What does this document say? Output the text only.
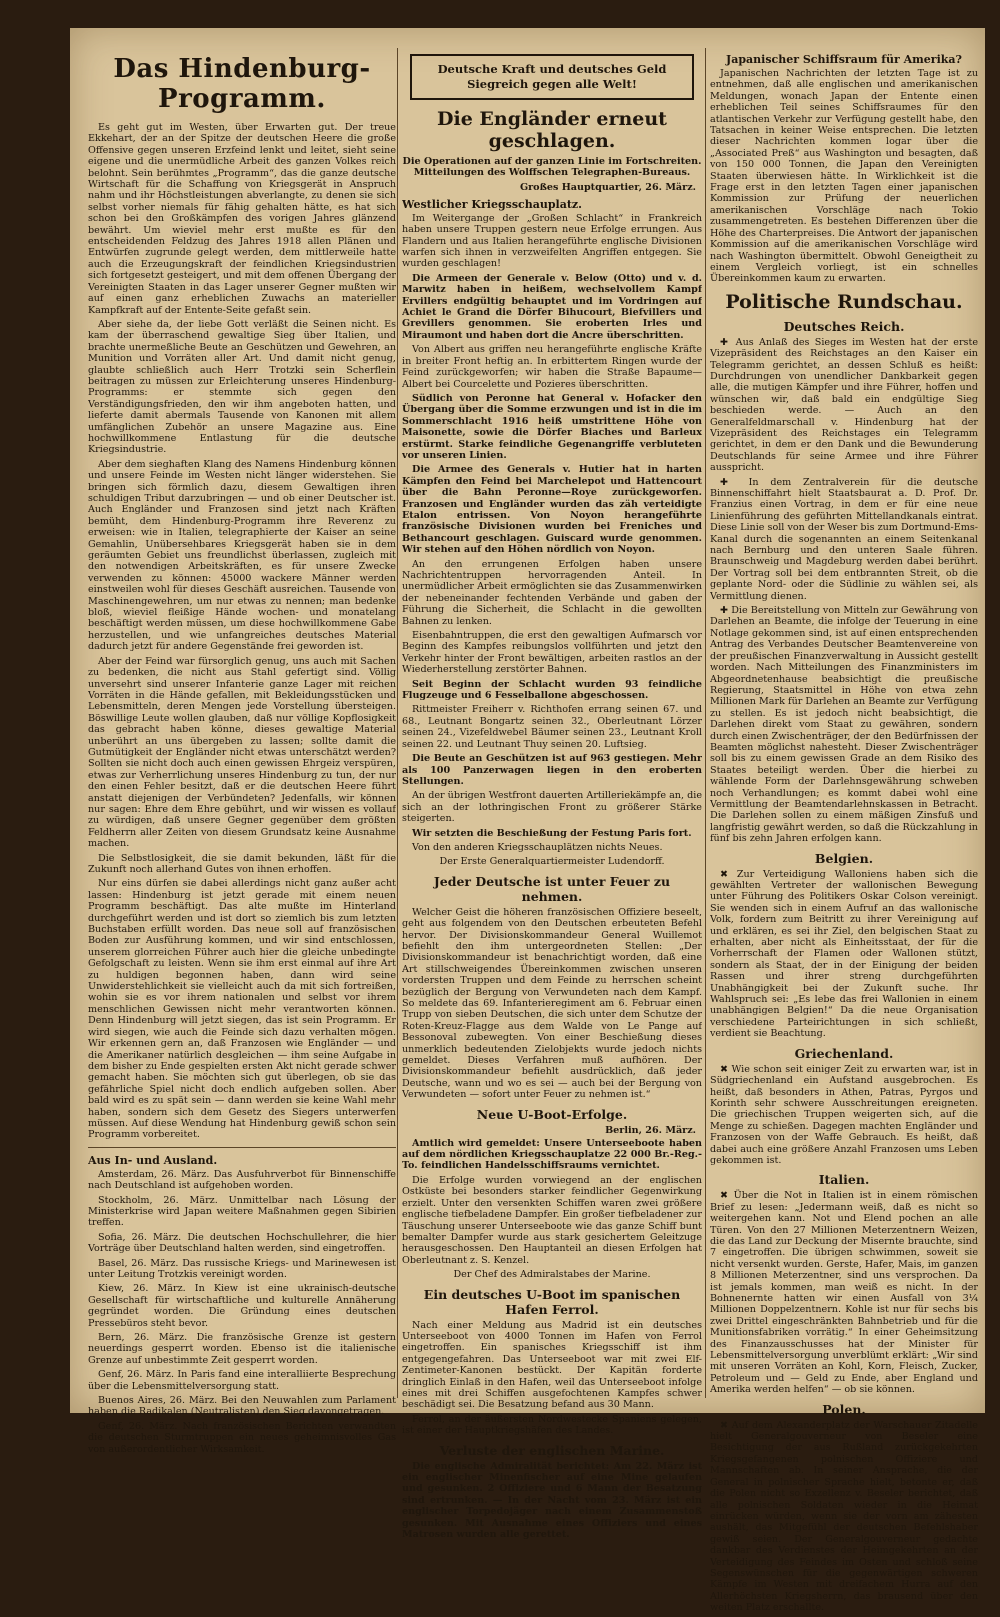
Das Hindenburg-Programm.

Es geht gut im Westen, über Erwarten gut. Der treue Ekkehart, der an der Spitze der deutschen Heere die große Offensive gegen unseren Erzfeind lenkt und leitet, sieht seine eigene und die unermüdliche Arbeit des ganzen Volkes reich belohnt. Sein berühmtes „Programm“, das die ganze deutsche Wirtschaft für die Schaffung von Kriegsgerät in Anspruch nahm und ihr Höchstleistungen abverlangte, zu denen sie sich selbst vorher niemals für fähig gehalten hätte, es hat sich schon bei den Großkämpfen des vorigen Jahres glänzend bewährt. Um wieviel mehr erst mußte es für den entscheidenden Feldzug des Jahres 1918 allen Plänen und Entwürfen zugrunde gelegt werden, dem mittlerweile hatte auch die Erzeugungskraft der feindlichen Kriegsindustrien sich fortgesetzt gesteigert, und mit dem offenen Übergang der Vereinigten Staaten in das Lager unserer Gegner mußten wir auf einen ganz erheblichen Zuwachs an materieller Kampfkraft auf der Entente-Seite gefaßt sein.

Aber siehe da, der liebe Gott verläßt die Seinen nicht. Es kam der überraschend gewaltige Sieg über Italien, und brachte unermeßliche Beute an Geschützen und Gewehren, an Munition und Vorräten aller Art. Und damit nicht genug, glaubte schließlich auch Herr Trotzki sein Scherflein beitragen zu müssen zur Erleichterung unseres Hindenburg-Programms: er stemmte sich gegen den Verständigungsfrieden, den wir ihm angeboten hatten, und lieferte damit abermals Tausende von Kanonen mit allem umfänglichen Zubehör an unsere Magazine aus. Eine hochwillkommene Entlastung für die deutsche Kriegsindustrie.

Aber dem sieghaften Klang des Namens Hindenburg können und unsere Feinde im Westen nicht länger widerstehen. Sie bringen sich förmlich dazu, diesem Gewaltigen ihren schuldigen Tribut darzubringen — und ob einer Deutscher ist. Auch Engländer und Franzosen sind jetzt nach Kräften bemüht, dem Hindenburg-Programm ihre Reverenz zu erweisen: wie in Italien, telegraphierte der Kaiser an seine Gemahlin, Unübersehbares Kriegsgerät haben sie in dem geräumten Gebiet uns freundlichst überlassen, zugleich mit den notwendigen Arbeitskräften, es für unsere Zwecke verwenden zu können: 45000 wackere Männer werden einstweilen wohl für dieses Geschäft ausreichen. Tausende von Maschinengewehren, um nur etwas zu nennen; man bedenke bloß, wieviel fleißige Hände wochen- und monatelang beschäftigt werden müssen, um diese hochwillkommene Gabe herzustellen, und wie unfangreiches deutsches Material dadurch jetzt für andere Gegenstände frei geworden ist.

Aber der Feind war fürsorglich genug, uns auch mit Sachen zu bedenken, die nicht aus Stahl gefertigt sind. Völlig unversehrt sind unserer Infanterie ganze Lager mit reichen Vorräten in die Hände gefallen, mit Bekleidungsstücken und Lebensmitteln, deren Mengen jede Vorstellung übersteigen. Böswillige Leute wollen glauben, daß nur völlige Kopflosigkeit das gebracht haben könne, dieses gewaltige Material unberührt an uns übergeben zu lassen; sollte damit die Gutmütigkeit der Engländer nicht etwas unterschätzt werden? Sollten sie nicht doch auch einen gewissen Ehrgeiz verspüren, etwas zur Verherrlichung unseres Hindenburg zu tun, der nur den einen Fehler besitzt, daß er die deutschen Heere führt anstatt diejenigen der Verbündeten? Jedenfalls, wir können nur sagen: Ehre dem Ehre gebührt, und wir wissen es vollauf zu würdigen, daß unsere Gegner gegenüber dem größten Feldherrn aller Zeiten von diesem Grundsatz keine Ausnahme machen.

Die Selbstlosigkeit, die sie damit bekunden, läßt für die Zukunft noch allerhand Gutes von ihnen erhoffen.

Nur eins dürfen sie dabei allerdings nicht ganz außer acht lassen: Hindenburg ist jetzt gerade mit einem neuen Programm beschäftigt. Das alte mußte im Hinterland durchgeführt werden und ist dort so ziemlich bis zum letzten Buchstaben erfüllt worden. Das neue soll auf französischen Boden zur Ausführung kommen, und wir sind entschlossen, unserem glorreichen Führer auch hier die gleiche unbedingte Gefolgschaft zu leisten. Wenn sie ihm erst einmal auf ihre Art zu huldigen begonnen haben, dann wird seine Unwiderstehlichkeit sie vielleicht auch da mit sich fortreißen, wohin sie es vor ihrem nationalen und selbst vor ihrem menschlichen Gewissen nicht mehr verantworten können. Denn Hindenburg will jetzt siegen, das ist sein Programm. Er wird siegen, wie auch die Feinde sich dazu verhalten mögen. Wir erkennen gern an, daß Franzosen wie Engländer — und die Amerikaner natürlich desgleichen — ihm seine Aufgabe in dem bisher zu Ende gespielten ersten Akt nicht gerade schwer gemacht haben. Sie möchten sich gut überlegen, ob sie das gefährliche Spiel nicht doch endlich aufgeben sollen. Aber bald wird es zu spät sein — dann werden sie keine Wahl mehr haben, sondern sich dem Gesetz des Siegers unterwerfen müssen. Auf diese Wendung hat Hindenburg gewiß schon sein Programm vorbereitet.

Aus In- und Ausland.

Amsterdam, 26. März. Das Ausfuhrverbot für Binnenschiffe nach Deutschland ist aufgehoben worden.

Stockholm, 26. März. Unmittelbar nach Lösung der Ministerkrise wird Japan weitere Maßnahmen gegen Sibirien treffen.

Sofia, 26. März. Die deutschen Hochschullehrer, die hier Vorträge über Deutschland halten werden, sind eingetroffen.

Basel, 26. März. Das russische Kriegs- und Marinewesen ist unter Leitung Trotzkis vereinigt worden.

Kiew, 26. März. In Kiew ist eine ukrainisch-deutsche Gesellschaft für wirtschaftliche und kulturelle Annäherung gegründet worden. Die Gründung eines deutschen Pressebüros steht bevor.

Bern, 26. März. Die französische Grenze ist gestern neuerdings gesperrt worden. Ebenso ist die italienische Grenze auf unbestimmte Zeit gesperrt worden.

Genf, 26. März. In Paris fand eine interalliierte Besprechung über die Lebensmittelversorgung statt.

Buenos Aires, 26. März. Bei den Neuwahlen zum Parlament haben die Radikalen (Neutralisten) den Sieg davongetragen.

Genf, 26. März. Nach französischen Berichten verwandten die deutschen Sturmtruppen ein neues geheimnisvolles Gas von außerordentlicher Wirksamkeit.

Deutsche Kraft und deutsches Geld
Siegreich gegen alle Welt!
Die Engländer erneut geschlagen.

Die Operationen auf der ganzen Linie im Fortschreiten. Mitteilungen des Wolffschen Telegraphen-Bureaus.

Großes Hauptquartier, 26. März.
Westlicher Kriegsschauplatz.

Im Weitergange der „Großen Schlacht“ in Frankreich haben unsere Truppen gestern neue Erfolge errungen. Aus Flandern und aus Italien herangeführte englische Divisionen warfen sich ihnen in verzweifelten Angriffen entgegen. Sie wurden geschlagen!

Die Armeen der Generale v. Below (Otto) und v. d. Marwitz haben in heißem, wechselvollem Kampf Ervillers endgültig behauptet und im Vordringen auf Achiet le Grand die Dörfer Bihucourt, Biefvillers und Grevillers genommen. Sie eroberten Irles und Miraumont und haben dort die Ancre überschritten.

Von Albert aus griffen neu herangeführte englische Kräfte in breiter Front heftig an. In erbittertem Ringen wurde der Feind zurückgeworfen; wir haben die Straße Bapaume—Albert bei Courcelette und Pozieres überschritten.

Südlich von Peronne hat General v. Hofacker den Übergang über die Somme erzwungen und ist in die im Sommerschlacht 1916 heiß umstrittene Höhe von Maisonette, sowie die Dörfer Biaches und Barleux erstürmt. Starke feindliche Gegenangriffe verbluteten vor unseren Linien.

Die Armee des Generals v. Hutier hat in harten Kämpfen den Feind bei Marchelepot und Hattencourt über die Bahn Peronne—Roye zurückgeworfen. Franzosen und Engländer wurden das zäh verteidigte Etalon entrissen. Von Noyon herangeführte französische Divisionen wurden bei Freniches und Bethancourt geschlagen. Guiscard wurde genommen. Wir stehen auf den Höhen nördlich von Noyon.

An den errungenen Erfolgen haben unsere Nachrichtentruppen hervorragenden Anteil. In unermüdlicher Arbeit ermöglichten sie das Zusammenwirken der nebeneinander fechtenden Verbände und gaben der Führung die Sicherheit, die Schlacht in die gewollten Bahnen zu lenken.

Eisenbahntruppen, die erst den gewaltigen Aufmarsch vor Beginn des Kampfes reibungslos vollführten und jetzt den Verkehr hinter der Front bewältigen, arbeiten rastlos an der Wiederherstellung zerstörter Bahnen.

Seit Beginn der Schlacht wurden 93 feindliche Flugzeuge und 6 Fesselballone abgeschossen.

Rittmeister Freiherr v. Richthofen errang seinen 67. und 68., Leutnant Bongartz seinen 32., Oberleutnant Lörzer seinen 24., Vizefeldwebel Bäumer seinen 23., Leutnant Kroll seinen 22. und Leutnant Thuy seinen 20. Luftsieg.

Die Beute an Geschützen ist auf 963 gestiegen. Mehr als 100 Panzerwagen liegen in den eroberten Stellungen.

An der übrigen Westfront dauerten Artilleriekämpfe an, die sich an der lothringischen Front zu größerer Stärke steigerten.

Wir setzten die Beschießung der Festung Paris fort.

Von den anderen Kriegsschauplätzen nichts Neues.

Der Erste Generalquartiermeister Ludendorff.

Jeder Deutsche ist unter Feuer zu nehmen.

Welcher Geist die höheren französischen Offiziere beseelt, geht aus folgendem von den Deutschen erbeuteten Befehl hervor. Der Divisionskommandeur General Wuillemot befiehlt den ihm untergeordneten Stellen: „Der Divisionskommandeur ist benachrichtigt worden, daß eine Art stillschweigendes Übereinkommen zwischen unseren vordersten Truppen und dem Feinde zu herrschen scheint bezüglich der Bergung von Verwundeten nach dem Kampf. So meldete das 69. Infanterieregiment am 6. Februar einen Trupp von sieben Deutschen, die sich unter dem Schutze der Roten-Kreuz-Flagge aus dem Walde von Le Pange auf Bessonoval zubewegten. Von einer Beschießung dieses unmerklich bedeutenden Zielobjekts wurde jedoch nichts gemeldet. Dieses Verfahren muß aufhören. Der Divisionskommandeur befiehlt ausdrücklich, daß jeder Deutsche, wann und wo es sei — auch bei der Bergung von Verwundeten — sofort unter Feuer zu nehmen ist.“

Neue U-Boot-Erfolge.
Berlin, 26. März.

Amtlich wird gemeldet: Unsere Unterseeboote haben auf dem nördlichen Kriegsschauplatze 22 000 Br.-Reg.-To. feindlichen Handelsschiffsraums vernichtet.

Die Erfolge wurden vorwiegend an der englischen Ostküste bei besonders starker feindlicher Gegenwirkung erzielt. Unter den versenkten Schiffen waren zwei größere englische tiefbeladene Dampfer. Ein großer tiefbeladener zur Täuschung unserer Unterseeboote wie das ganze Schiff bunt bemalter Dampfer wurde aus stark gesichertem Geleitzuge herausgeschossen. Den Hauptanteil an diesen Erfolgen hat Oberleutnant z. S. Kenzel.

Der Chef des Admiralstabes der Marine.

Ein deutsches U-Boot im spanischen Hafen Ferrol.

Nach einer Meldung aus Madrid ist ein deutsches Unterseeboot von 4000 Tonnen im Hafen von Ferrol eingetroffen. Ein spanisches Kriegsschiff ist ihm entgegengefahren. Das Unterseeboot war mit zwei Elf-Zentimeter-Kanonen bestückt. Der Kapitän forderte dringlich Einlaß in den Hafen, weil das Unterseeboot infolge eines mit drei Schiffen ausgefochtenen Kampfes schwer beschädigt sei. Die Besatzung befand aus 30 Mann.

Ferrol, an der äußersten Nordwestecke Spaniens gelegen, ist einer der Hauptkriegshäfen des Landes.

Verluste der englischen Marine.

Die englische Admiralität berichtet: Am 22. März ist ein englischer Minenfischer auf eine Mine gelaufen und gesunken. 2 Offiziere und 6 Mann der Besatzung sind ertrunken. — In der Nacht vom 23. März ist ein englischer Torpedojäger nach einem Zusammenstoß gesunken. Mit Ausnahme eines Offiziers und eines Matrosen wurden alle gerettet.

Japanischer Schiffsraum für Amerika?

Japanischen Nachrichten der letzten Tage ist zu entnehmen, daß alle englischen und amerikanischen Meldungen, wonach Japan der Entente einen erheblichen Teil seines Schiffsraumes für den atlantischen Verkehr zur Verfügung gestellt habe, den Tatsachen in keiner Weise entsprechen. Die letzten dieser Nachrichten kommen logar über die „Associated Preß“ aus Washington und besagten, daß von 150 000 Tonnen, die Japan den Vereinigten Staaten überwiesen hätte. In Wirklichkeit ist die Frage erst in den letzten Tagen einer japanischen Kommission zur Prüfung der neuerlichen amerikanischen Vorschläge nach Tokio zusammengetreten. Es bestehen Differenzen über die Höhe des Charterpreises. Die Antwort der japanischen Kommission auf die amerikanischen Vorschläge wird nach Washington übermittelt. Obwohl Geneigtheit zu einem Vergleich vorliegt, ist ein schnelles Übereinkommen kaum zu erwarten.

Politische Rundschau.
Deutsches Reich.

✚ Aus Anlaß des Sieges im Westen hat der erste Vizepräsident des Reichstages an den Kaiser ein Telegramm gerichtet, an dessen Schluß es heißt: Durchdrungen von unendlicher Dankbarkeit gegen alle, die mutigen Kämpfer und ihre Führer, hoffen und wünschen wir, daß bald ein endgültige Sieg beschieden werde. — Auch an den Generalfeldmarschall v. Hindenburg hat der Vizepräsident des Reichstages ein Telegramm gerichtet, in dem er den Dank und die Bewunderung Deutschlands für seine Armee und ihre Führer ausspricht.

✚ In dem Zentralverein für die deutsche Binnenschiffahrt hielt Staatsbaurat a. D. Prof. Dr. Franzius einen Vortrag, in dem er für eine neue Linienführung des geführten Mittellandkanals eintrat. Diese Linie soll von der Weser bis zum Dortmund-Ems-Kanal durch die sogenannten an einem Seitenkanal nach Bernburg und den unteren Saale führen. Braunschweig und Magdeburg werden dabei berührt. Der Vortrag soll bei dem entbrannten Streit, ob die geplante Nord- oder die Südlinie zu wählen sei, als Vermittlung dienen.

✚ Die Bereitstellung von Mitteln zur Gewährung von Darlehen an Beamte, die infolge der Teuerung in eine Notlage gekommen sind, ist auf einen entsprechenden Antrag des Verbandes Deutscher Beamtenvereine von der preußischen Finanzverwaltung in Aussicht gestellt worden. Nach Mitteilungen des Finanzministers im Abgeordnetenhause beabsichtigt die preußische Regierung, Staatsmittel in Höhe von etwa zehn Millionen Mark für Darlehen an Beamte zur Verfügung zu stellen. Es ist jedoch nicht beabsichtigt, die Darlehen direkt vom Staat zu gewähren, sondern durch einen Zwischenträger, der den Bedürfnissen der Beamten möglichst nahesteht. Dieser Zwischenträger soll bis zu einem gewissen Grade an dem Risiko des Staates beteiligt werden. Über die hierbei zu wählende Form der Darlehnsgewährung schweben noch Verhandlungen; es kommt dabei wohl eine Vermittlung der Beamtendarlehnskassen in Betracht. Die Darlehen sollen zu einem mäßigen Zinsfuß und langfristig gewährt werden, so daß die Rückzahlung in fünf bis zehn Jahren erfolgen kann.

Belgien.

✖ Zur Verteidigung Walloniens haben sich die gewählten Vertreter der wallonischen Bewegung unter Führung des Politikers Oskar Colson vereinigt. Sie wenden sich in einem Aufruf an das wallonische Volk, fordern zum Beitritt zu ihrer Vereinigung auf und erklären, es sei ihr Ziel, den belgischen Staat zu erhalten, aber nicht als Einheitsstaat, der für die Vorherrschaft der Flamen oder Wallonen stützt, sondern als Staat, der in der Einigung der beiden Rassen und ihrer streng durchgeführten Unabhängigkeit bei der Zukunft suche. Ihr Wahlspruch sei: „Es lebe das frei Wallonien in einem unabhängigen Belgien!“ Da die neue Organisation verschiedene Parteirichtungen in sich schließt, verdient sie Beachtung.

Griechenland.

✖ Wie schon seit einiger Zeit zu erwarten war, ist in Südgriechenland ein Aufstand ausgebrochen. Es heißt, daß besonders in Athen, Patras, Pyrgos und Korinth sehr schwere Ausschreitungen ereigneten. Die griechischen Truppen weigerten sich, auf die Menge zu schießen. Dagegen machten Engländer und Franzosen von der Waffe Gebrauch. Es heißt, daß dabei auch eine größere Anzahl Franzosen ums Leben gekommen ist.

Italien.

✖ Über die Not in Italien ist in einem römischen Brief zu lesen: „Jedermann weiß, daß es nicht so weitergehen kann. Not und Elend pochen an alle Türen. Von den 27 Millionen Meterzentnern Weizen, die das Land zur Deckung der Misernte brauchte, sind 7 eingetroffen. Die übrigen schwimmen, soweit sie nicht versenkt wurden. Gerste, Hafer, Mais, im ganzen 8 Millionen Meterzentner, sind uns versprochen. Da ist jemals kommen, man weiß es nicht. In der Bohnenernte hatten wir einen Ausfall von 3¼ Millionen Doppelzentnern. Kohle ist nur für sechs bis zwei Drittel eingeschränkten Bahnbetrieb und für die Munitionsfabriken vorrätig.“ In einer Geheimsitzung des Finanzausschusses hat der Minister für Lebensmittelversorgung unverblümt erklärt: „Wir sind mit unseren Vorräten an Kohl, Korn, Fleisch, Zucker, Petroleum und — Geld zu Ende, aber England und Amerika werden helfen“ — ob sie können.

Polen.

✖ Auf dem Alexanderplatz der Warschauer Zitadelle hielt Generalgouverneur von Beseler eine Besichtigung der aus Rußland zurückgekehrten Kriegsgefangenen polnischen Offiziere und Mannschaften ab. In seiner Ansprache, die der General in polnischer Sprache hielt, betonte er, daß die Polen nicht so Exzellenz v. Beseler berichtet, daß alle polnischen Soldaten wieder in die Heimat einrücken würden, wenn sie der vorn am zähesten aushält, das Mitgefühl der deutschen Befehlshaber gewiß seien. Der Generalgouverneur gedachte dankbar des Verdienstes der Heimgekehrten an der Verteidigung des Feindes im Osten und schloß seine Segenswünschen für die gegenwärtigen schweren Kämpfe im Westen mit dreifachem Hurra auf den Allerhöchsten Kriegsherrn, das brausend über den weiten Platz erschallte.
